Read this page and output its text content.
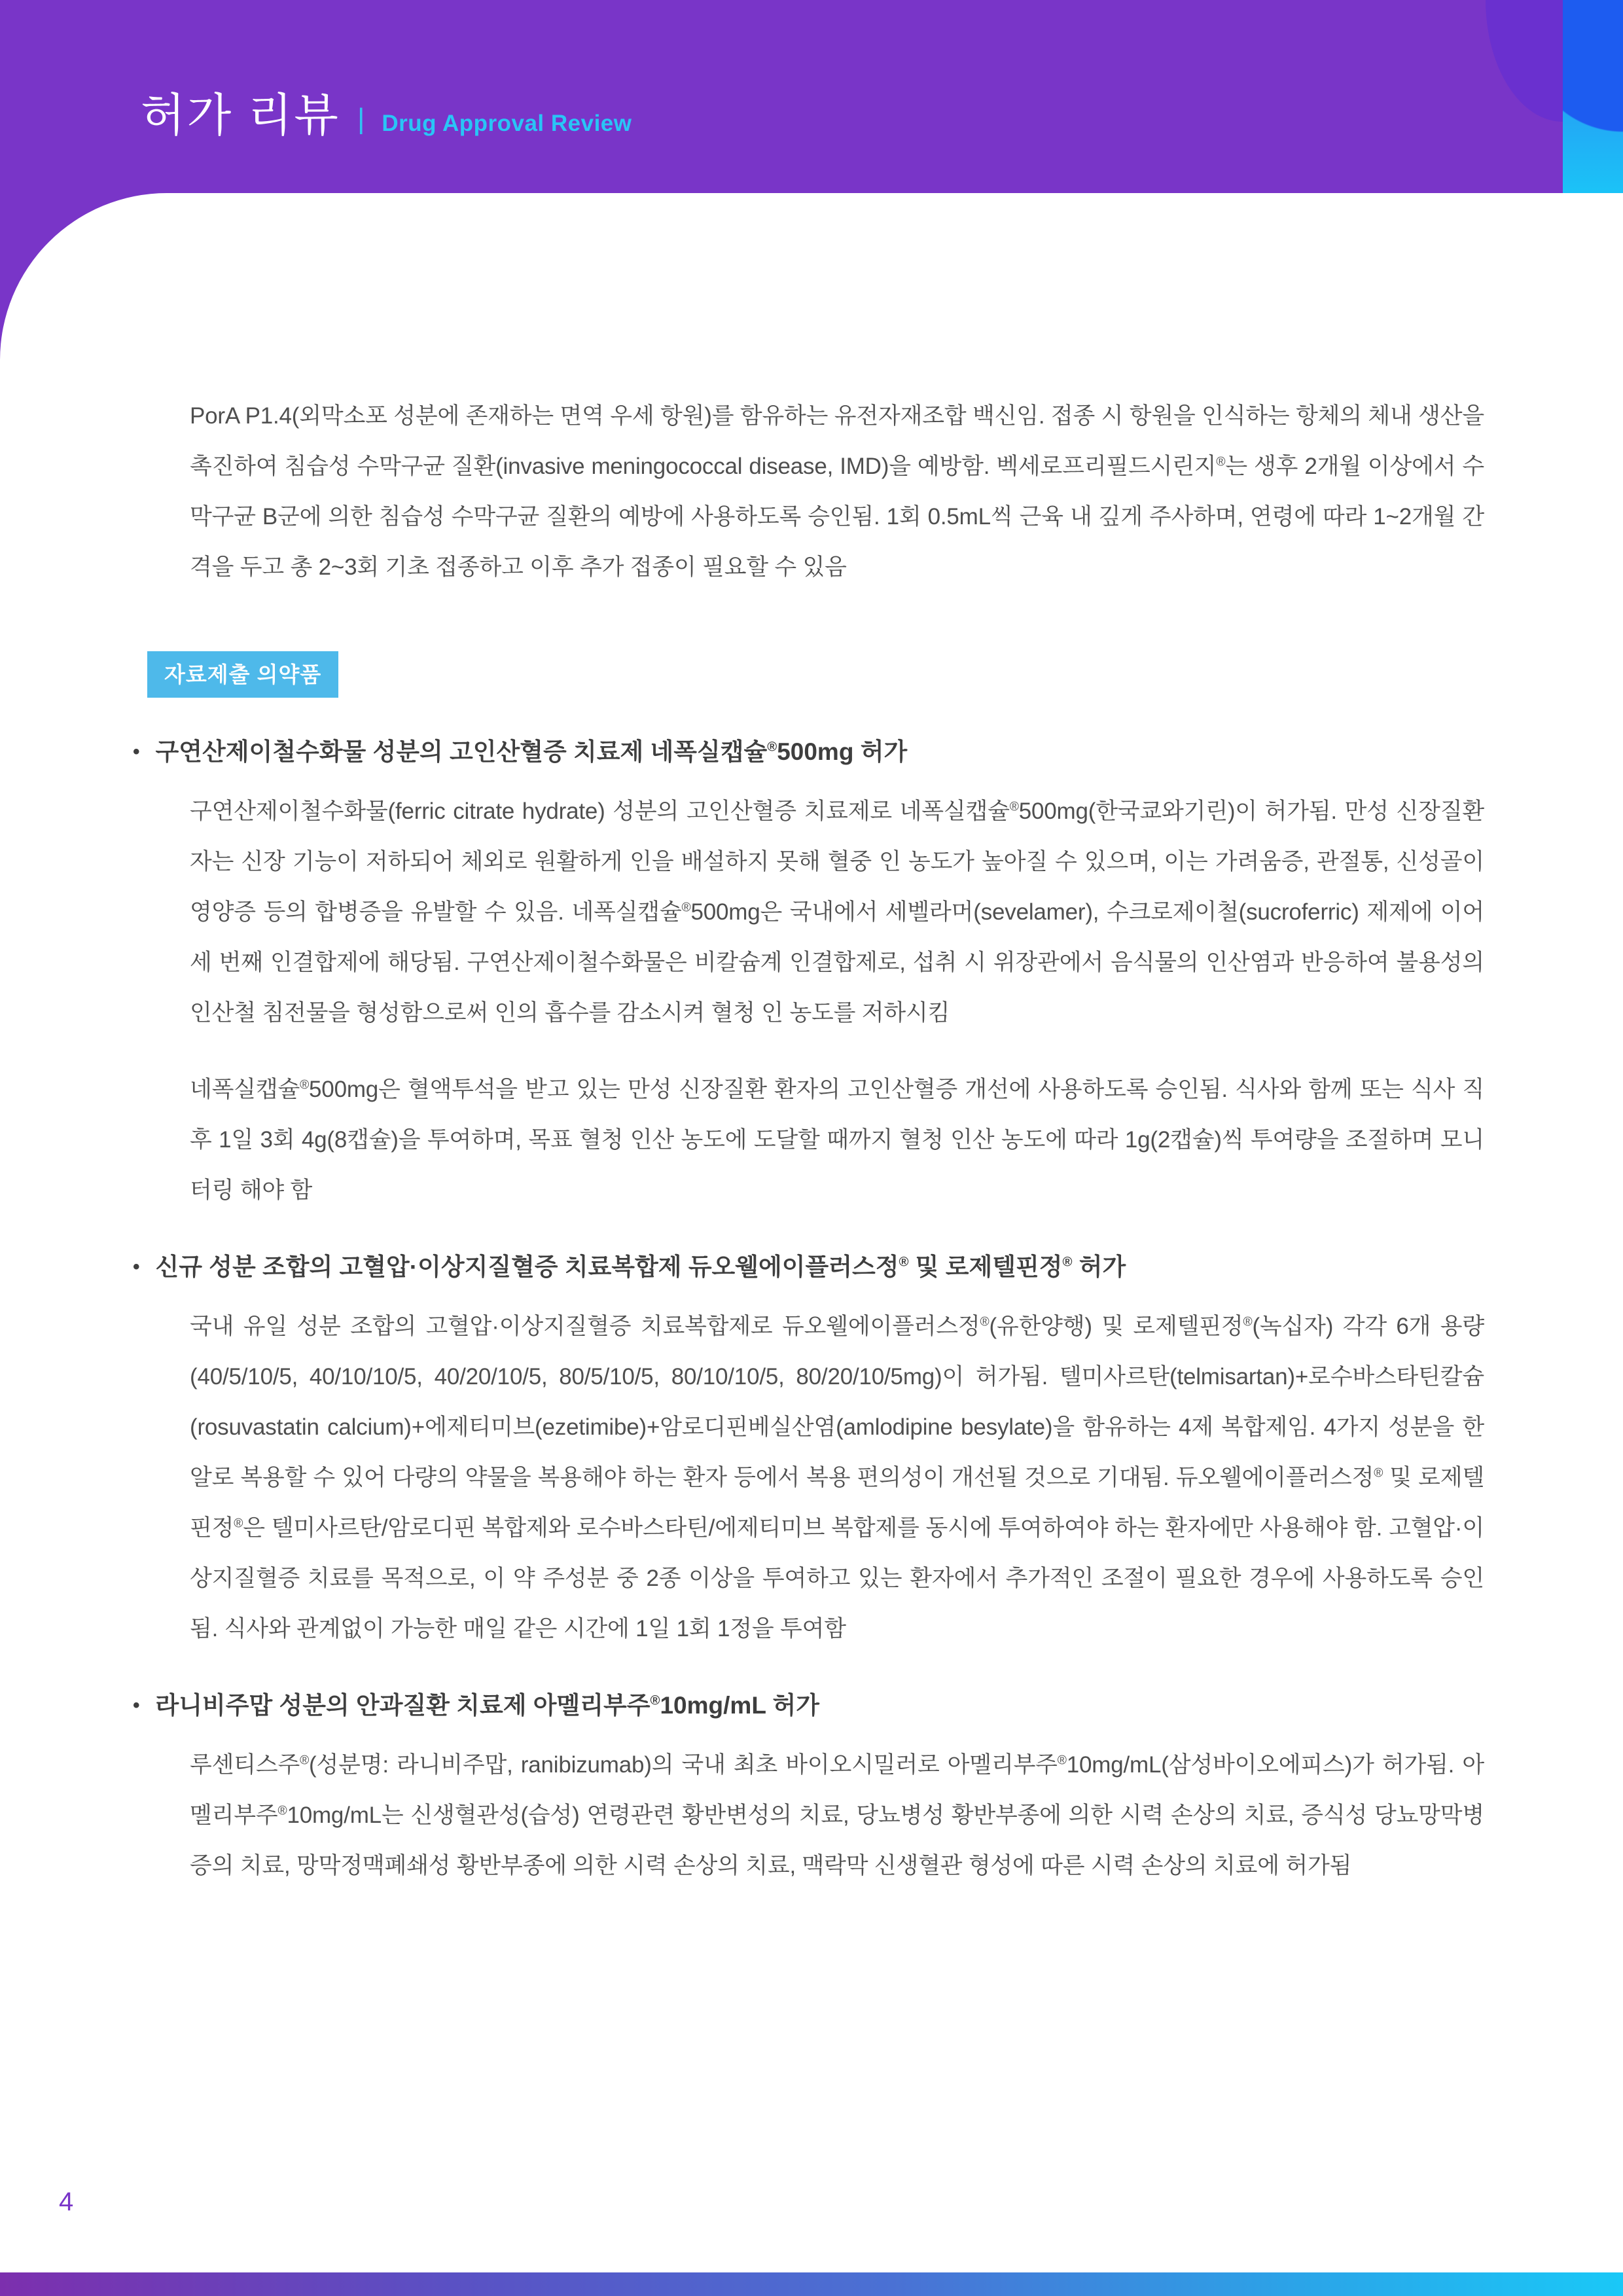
허가 리뷰 | Drug Approval Review

PorA P1.4(외막소포 성분에 존재하는 면역 우세 항원)를 함유하는 유전자재조합 백신임. 접종 시 항원을 인식하는 항체의 체내 생산을 촉진하여 침습성 수막구균 질환(invasive meningococcal disease, IMD)을 예방함. 벡세로프리필드시린지®는 생후 2개월 이상에서 수막구균 B군에 의한 침습성 수막구균 질환의 예방에 사용하도록 승인됨. 1회 0.5mL씩 근육 내 깊게 주사하며, 연령에 따라 1~2개월 간격을 두고 총 2~3회 기초 접종하고 이후 추가 접종이 필요할 수 있음

자료제출 의약품
• 구연산제이철수화물 성분의 고인산혈증 치료제 네폭실캡슐®500mg 허가

구연산제이철수화물(ferric citrate hydrate) 성분의 고인산혈증 치료제로 네폭실캡슐®500mg(한국쿄와기린)이 허가됨. 만성 신장질환자는 신장 기능이 저하되어 체외로 원활하게 인을 배설하지 못해 혈중 인 농도가 높아질 수 있으며, 이는 가려움증, 관절통, 신성골이영양증 등의 합병증을 유발할 수 있음. 네폭실캡슐®500mg은 국내에서 세벨라머(sevelamer), 수크로제이철(sucroferric) 제제에 이어 세 번째 인결합제에 해당됨. 구연산제이철수화물은 비칼슘계 인결합제로, 섭취 시 위장관에서 음식물의 인산염과 반응하여 불용성의 인산철 침전물을 형성함으로써 인의 흡수를 감소시켜 혈청 인 농도를 저하시킴

네폭실캡슐®500mg은 혈액투석을 받고 있는 만성 신장질환 환자의 고인산혈증 개선에 사용하도록 승인됨. 식사와 함께 또는 식사 직후 1일 3회 4g(8캡슐)을 투여하며, 목표 혈청 인산 농도에 도달할 때까지 혈청 인산 농도에 따라 1g(2캡슐)씩 투여량을 조절하며 모니터링 해야 함

• 신규 성분 조합의 고혈압·이상지질혈증 치료복합제 듀오웰에이플러스정® 및 로제텔핀정® 허가

국내 유일 성분 조합의 고혈압·이상지질혈증 치료복합제로 듀오웰에이플러스정®(유한양행) 및 로제텔핀정®(녹십자) 각각 6개 용량(40/5/10/5, 40/10/10/5, 40/20/10/5, 80/5/10/5, 80/10/10/5, 80/20/10/5mg)이 허가됨. 텔미사르탄(telmisartan)+로수바스타틴칼슘(rosuvastatin calcium)+에제티미브(ezetimibe)+암로디핀베실산염(amlodipine besylate)을 함유하는 4제 복합제임. 4가지 성분을 한 알로 복용할 수 있어 다량의 약물을 복용해야 하는 환자 등에서 복용 편의성이 개선될 것으로 기대됨. 듀오웰에이플러스정® 및 로제텔핀정®은 텔미사르탄/암로디핀 복합제와 로수바스타틴/에제티미브 복합제를 동시에 투여하여야 하는 환자에만 사용해야 함. 고혈압·이상지질혈증 치료를 목적으로, 이 약 주성분 중 2종 이상을 투여하고 있는 환자에서 추가적인 조절이 필요한 경우에 사용하도록 승인됨. 식사와 관계없이 가능한 매일 같은 시간에 1일 1회 1정을 투여함

• 라니비주맙 성분의 안과질환 치료제 아멜리부주®10mg/mL 허가

루센티스주®(성분명: 라니비주맙, ranibizumab)의 국내 최초 바이오시밀러로 아멜리부주®10mg/mL(삼성바이오에피스)가 허가됨. 아멜리부주®10mg/mL는 신생혈관성(습성) 연령관련 황반변성의 치료, 당뇨병성 황반부종에 의한 시력 손상의 치료, 증식성 당뇨망막병증의 치료, 망막정맥폐쇄성 황반부종에 의한 시력 손상의 치료, 맥락막 신생혈관 형성에 따른 시력 손상의 치료에 허가됨

4
